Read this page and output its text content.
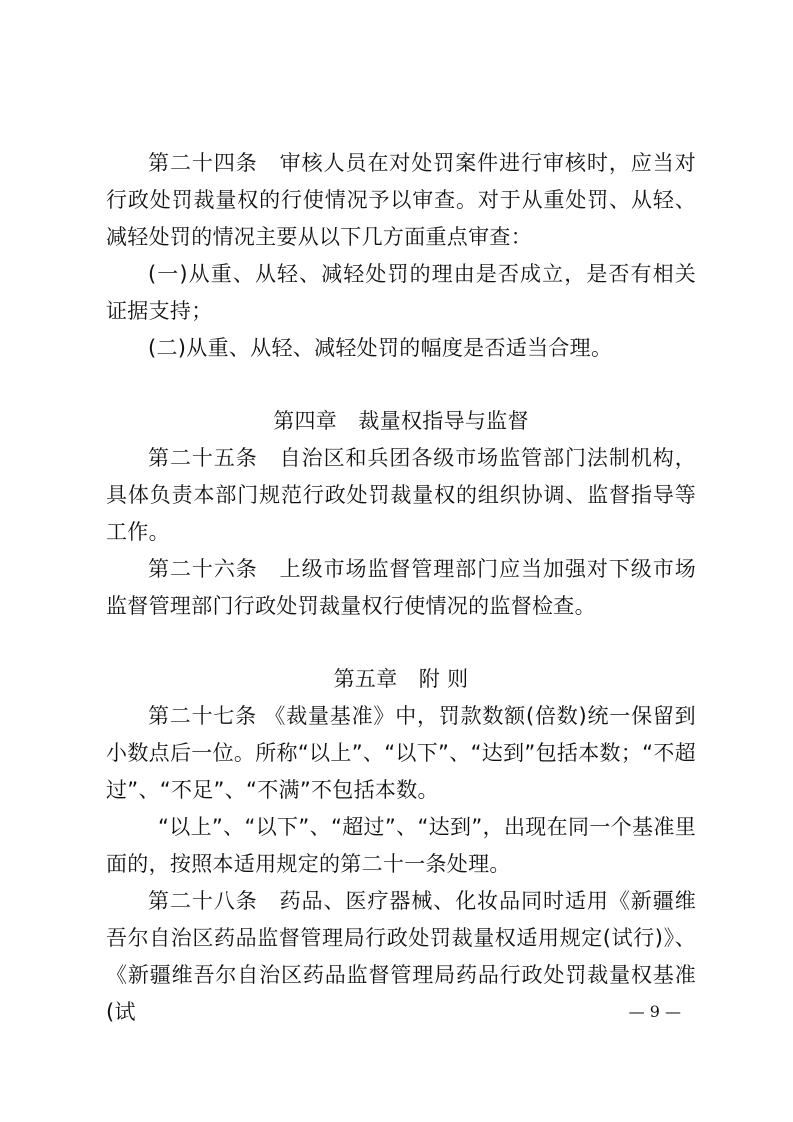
第二十四条　审核人员在对处罚案件进行审核时，应当对行政处罚裁量权的行使情况予以审查。对于从重处罚、从轻、减轻处罚的情况主要从以下几方面重点审查：

(一)从重、从轻、减轻处罚的理由是否成立，是否有相关证据支持；

(二)从重、从轻、减轻处罚的幅度是否适当合理。

第四章　裁量权指导与监督

第二十五条　自治区和兵团各级市场监管部门法制机构，具体负责本部门规范行政处罚裁量权的组织协调、监督指导等工作。

第二十六条　上级市场监督管理部门应当加强对下级市场监督管理部门行政处罚裁量权行使情况的监督检查。

第五章　附 则

第二十七条 《裁量基准》中，罚款数额(倍数)统一保留到小数点后一位。所称“以上”、“以下”、“达到”包括本数；“不超过”、“不足”、“不满”不包括本数。

“以上”、“以下”、“超过”、“达到”，出现在同一个基准里面的，按照本适用规定的第二十一条处理。

第二十八条　药品、医疗器械、化妆品同时适用《新疆维吾尔自治区药品监督管理局行政处罚裁量权适用规定(试行)》、《新疆维吾尔自治区药品监督管理局药品行政处罚裁量权基准(试	— 9 —
